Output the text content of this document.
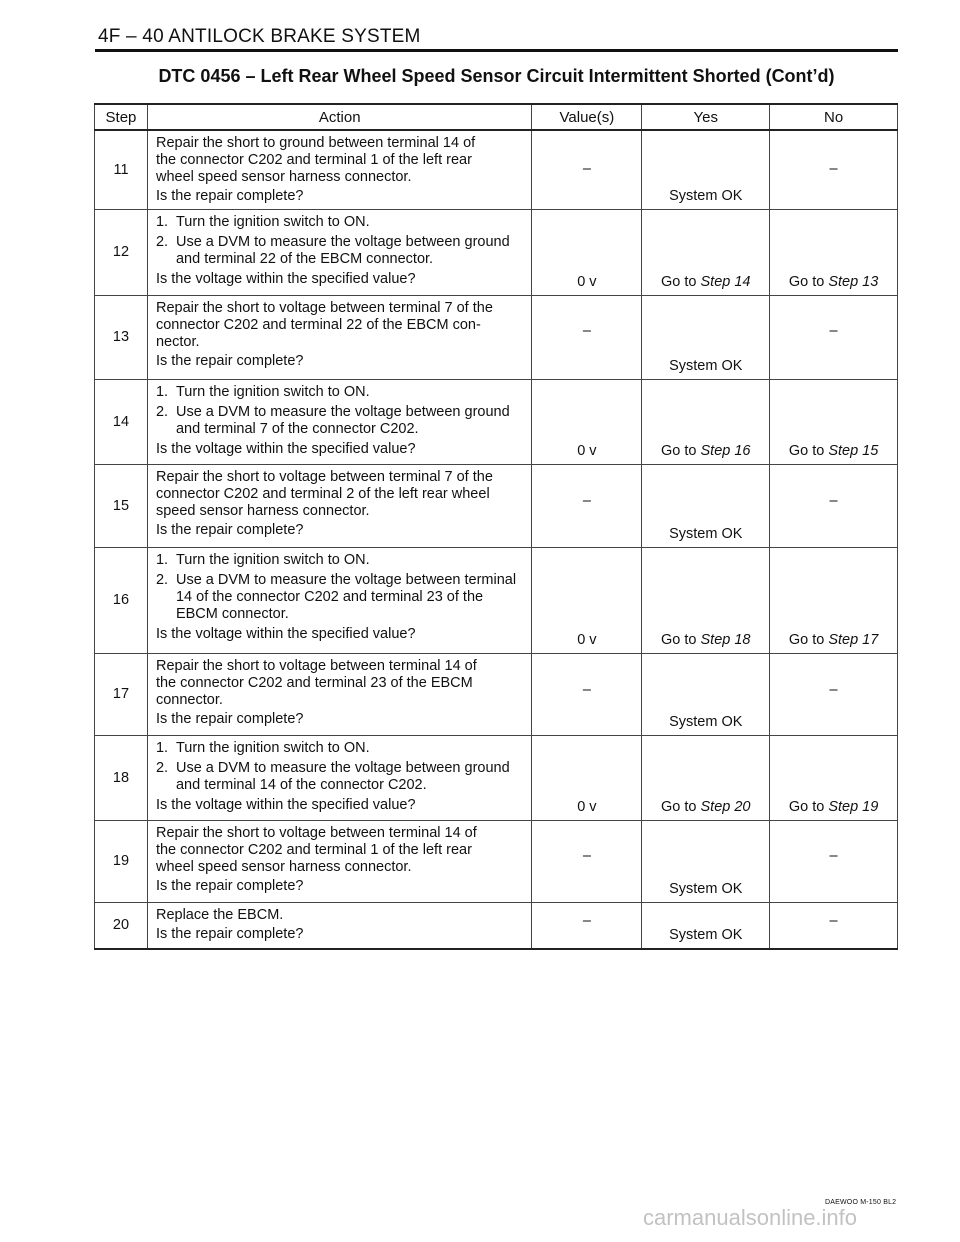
4F – 40 ANTILOCK BRAKE SYSTEM
DTC 0456 – Left Rear Wheel Speed Sensor Circuit Intermittent Shorted (Cont’d)
Step	Action	Value(s)	Yes	No

11	Repair the short to ground between terminal 14 of
the connector C202 and terminal 1 of the left rear
wheel speed sensor harness connector.
Is the repair complete?	–	System OK	–

12	1. Turn the ignition switch to ON.
2. Use a DVM to measure the voltage between ground and terminal 22 of the EBCM connector.
Is the voltage within the specified value?	0 v	Go to Step 14	Go to Step 13

13	Repair the short to voltage between terminal 7 of the
connector C202 and terminal 22 of the EBCM con-
nector.
Is the repair complete?	–	System OK	–

14	1. Turn the ignition switch to ON.
2. Use a DVM to measure the voltage between ground and terminal 7 of the connector C202.
Is the voltage within the specified value?	0 v	Go to Step 16	Go to Step 15

15	Repair the short to voltage between terminal 7 of the
connector C202 and terminal 2 of the left rear wheel
speed sensor harness connector.
Is the repair complete?	–	System OK	–

16	1. Turn the ignition switch to ON.
2. Use a DVM to measure the voltage between terminal 14 of the connector C202 and terminal 23 of the EBCM connector.
Is the voltage within the specified value?	0 v	Go to Step 18	Go to Step 17

17	Repair the short to voltage between terminal 14 of
the connector C202 and terminal 23 of the EBCM
connector.
Is the repair complete?	–	System OK	–

18	1. Turn the ignition switch to ON.
2. Use a DVM to measure the voltage between ground and terminal 14 of the connector C202.
Is the voltage within the specified value?	0 v	Go to Step 20	Go to Step 19

19	Repair the short to voltage between terminal 14 of
the connector C202 and terminal 1 of the left rear
wheel speed sensor harness connector.
Is the repair complete?	–	System OK	–

20	Replace the EBCM.
Is the repair complete?	–	System OK	–
DAEWOO M-150 BL2
carmanualsonline.info
